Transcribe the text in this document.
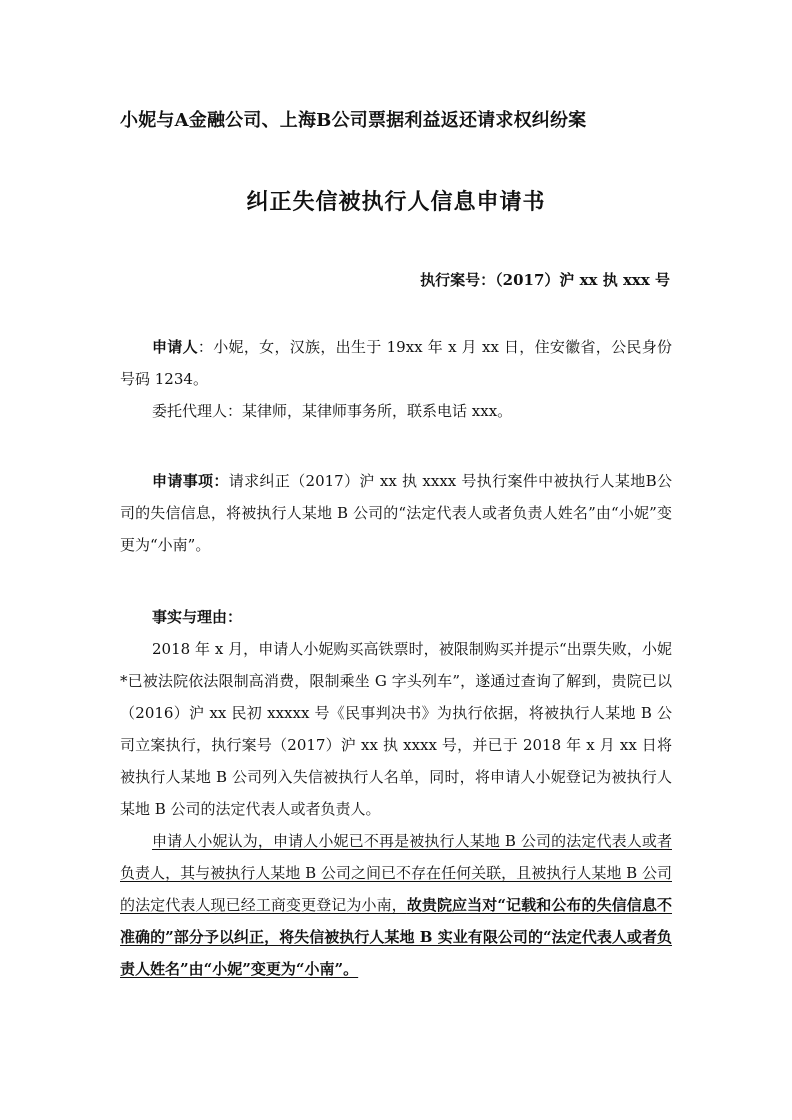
小妮与A金融公司、上海B公司票据利益返还请求权纠纷案
纠正失信被执行人信息申请书
执行案号：（2017）沪 xx 执 xxx 号

申请人：小妮，女，汉族，出生于 19xx 年 x 月 xx 日，住安徽省，公民身份号码 1234。

委托代理人：某律师，某律师事务所，联系电话 xxx。

申请事项：请求纠正（2017）沪 xx 执 xxxx 号执行案件中被执行人某地B公司的失信信息，将被执行人某地 B 公司的“法定代表人或者负责人姓名”由“小妮”变更为“小南”。

事实与理由：

2018 年 x 月，申请人小妮购买高铁票时，被限制购买并提示“出票失败，小妮*已被法院依法限制高消费，限制乘坐 G 字头列车”，遂通过查询了解到，贵院已以（2016）沪 xx 民初 xxxxx 号《民事判决书》为执行依据，将被执行人某地 B 公司立案执行，执行案号（2017）沪 xx 执 xxxx 号，并已于 2018 年 x 月 xx 日将被执行人某地 B 公司列入失信被执行人名单，同时，将申请人小妮登记为被执行人某地 B 公司的法定代表人或者负责人。

申请人小妮认为，申请人小妮已不再是被执行人某地 B 公司的法定代表人或者负责人，其与被执行人某地 B 公司之间已不存在任何关联，且被执行人某地 B 公司的法定代表人现已经工商变更登记为小南，故贵院应当对“记载和公布的失信信息不准确的”部分予以纠正，将失信被执行人某地 B 实业有限公司的“法定代表人或者负责人姓名”由“小妮”变更为“小南”。
